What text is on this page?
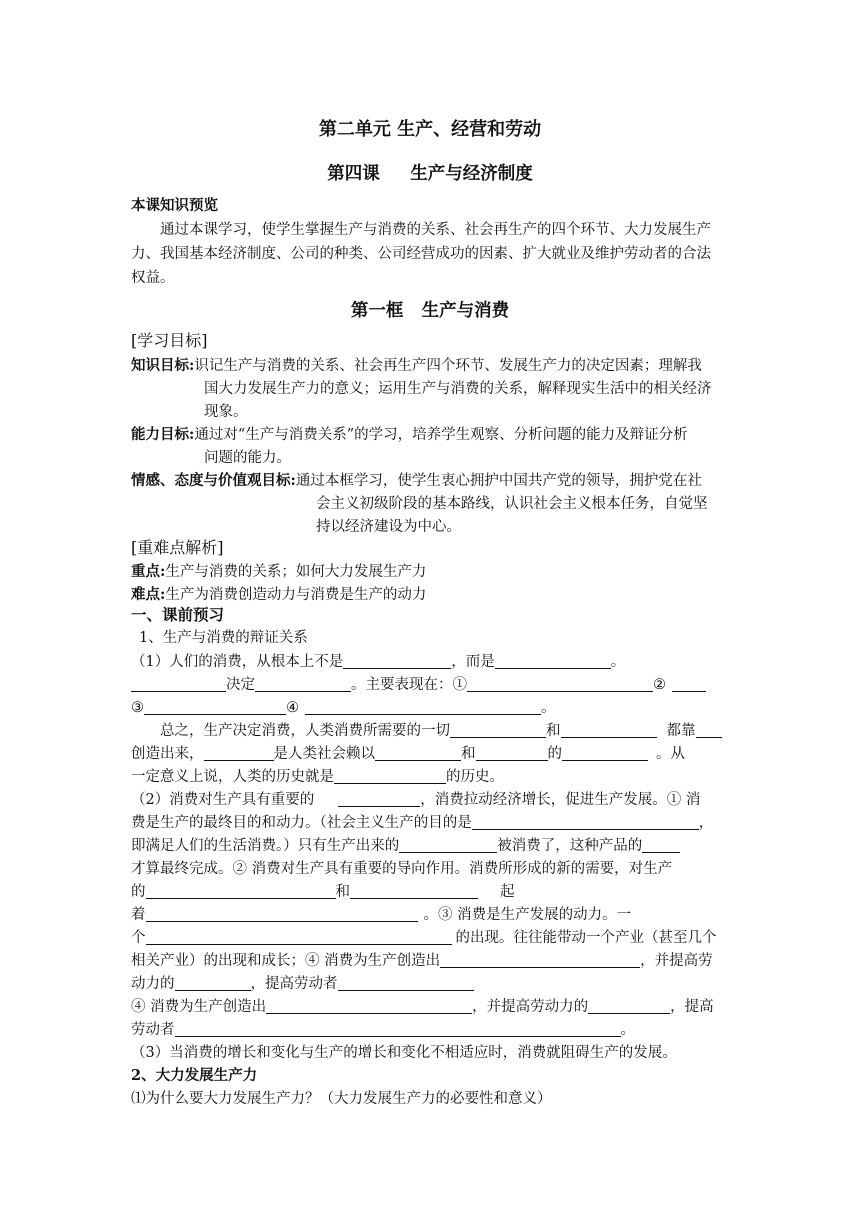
第二单元 生产、经营和劳动
第四课     生产与经济制度
本课知识预览
通过本课学习，使学生掌握生产与消费的关系、社会再生产的四个环节、大力发展生产
力、我国基本经济制度、公司的种类、公司经营成功的因素、扩大就业及维护劳动者的合法
权益。
第一框   生产与消费
[学习目标]
知识目标:识记生产与消费的关系、社会再生产四个环节、发展生产力的决定因素；理解我
国大力发展生产力的意义；运用生产与消费的关系，解释现实生活中的相关经济
现象。
能力目标:通过对“生产与消费关系”的学习，培养学生观察、分析问题的能力及辩证分析
问题的能力。
情感、态度与价值观目标:通过本框学习，使学生衷心拥护中国共产党的领导，拥护党在社
会主义初级阶段的基本路线，认识社会主义根本任务，自觉坚
持以经济建设为中心。
[重难点解析]
重点:生产与消费的关系；如何大力发展生产力
难点:生产为消费创造动力与消费是生产的动力
一、课前预习
1、生产与消费的辩证关系
（1）人们的消费，从根本上不是	，而是	。
决定	。主要表现在：①	②
③	④	。
总之，生产决定消费，人类消费所需要的一切	和	都靠
创造出来，	是人类社会赖以	和	的	。从
一定意义上说，人类的历史就是	的历史。
（2）消费对生产具有重要的	，消费拉动经济增长，促进生产发展。① 消
费是生产的最终目的和动力。（社会主义生产的目的是	，
即满足人们的生活消费。）只有生产出来的	被消费了，这种产品的
才算最终完成。② 消费对生产具有重要的导向作用。消费所形成的新的需要，对生产
的	和	起
着	。③ 消费是生产发展的动力。一
个	的出现。往往能带动一个产业（甚至几个
相关产业）的出现和成长；④ 消费为生产创造出	，并提高劳
动力的	，提高劳动者
④ 消费为生产创造出	，并提高劳动力的	，提高
劳动者	。
（3）当消费的增长和变化与生产的增长和变化不相适应时，消费就阻碍生产的发展。
2、大力发展生产力
⑴为什么要大力发展生产力？（大力发展生产力的必要性和意义）
